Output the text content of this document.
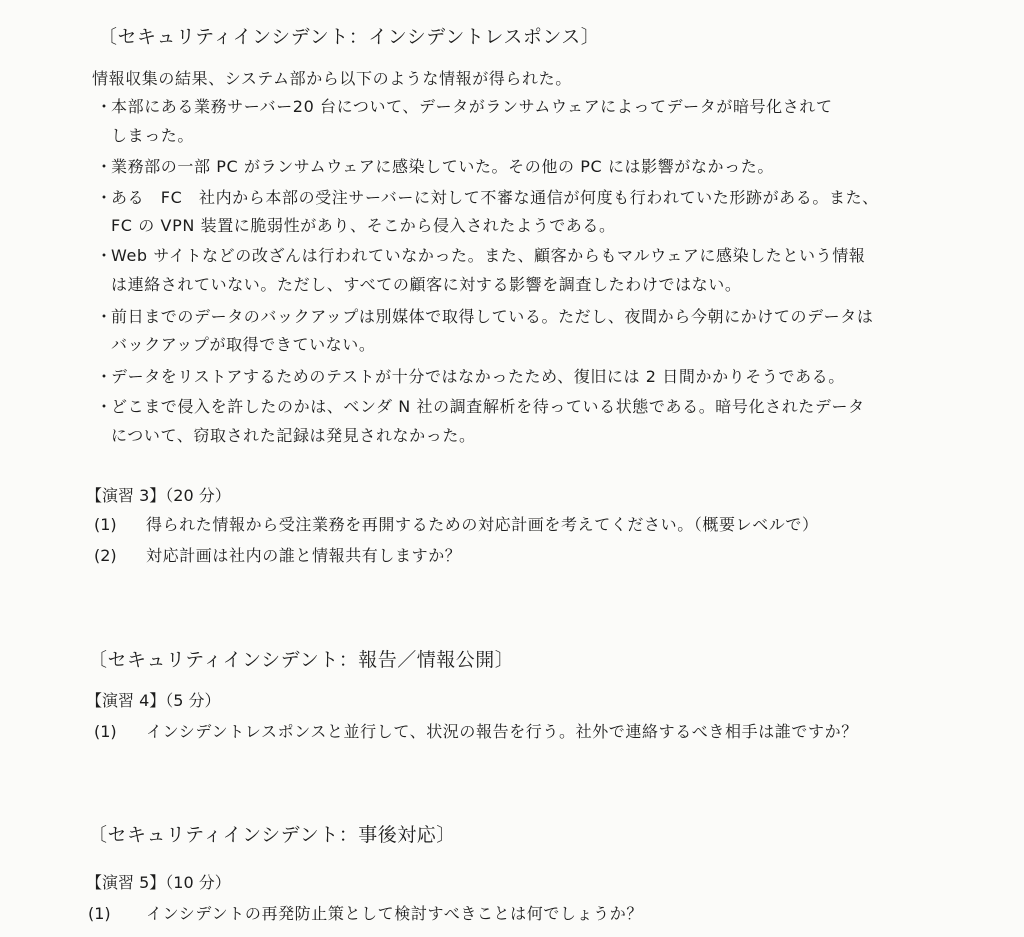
〔セキュリティインシデント：インシデントレスポンス〕
情報収集の結果、システム部から以下のような情報が得られた。
・
本部にある業務サーバー20 台について、データがランサムウェアによってデータが暗号化されて
しまった。
・
業務部の一部 PC がランサムウェアに感染していた。その他の PC には影響がなかった。
・
ある　FC　社内から本部の受注サーバーに対して不審な通信が何度も行われていた形跡がある。また、
FC の VPN 装置に脆弱性があり、そこから侵入されたようである。
・
Web サイトなどの改ざんは行われていなかった。また、顧客からもマルウェアに感染したという情報
は連絡されていない。ただし、すべての顧客に対する影響を調査したわけではない。
・
前日までのデータのバックアップは別媒体で取得している。ただし、夜間から今朝にかけてのデータは
バックアップが取得できていない。
・
データをリストアするためのテストが十分ではなかったため、復旧には 2 日間かかりそうである。
・
どこまで侵入を許したのかは、ベンダ N 社の調査解析を待っている状態である。暗号化されたデータ
について、窃取された記録は発見されなかった。
【演習 3】（20 分）
(1) 得られた情報から受注業務を再開するための対応計画を考えてください。（概要レベルで）
(2) 対応計画は社内の誰と情報共有しますか？
〔セキュリティインシデント：報告／情報公開〕
【演習 4】（5 分）
(1) インシデントレスポンスと並行して、状況の報告を行う。社外で連絡するべき相手は誰ですか？
〔セキュリティインシデント：事後対応〕
【演習 5】（10 分）
(1) インシデントの再発防止策として検討すべきことは何でしょうか？
